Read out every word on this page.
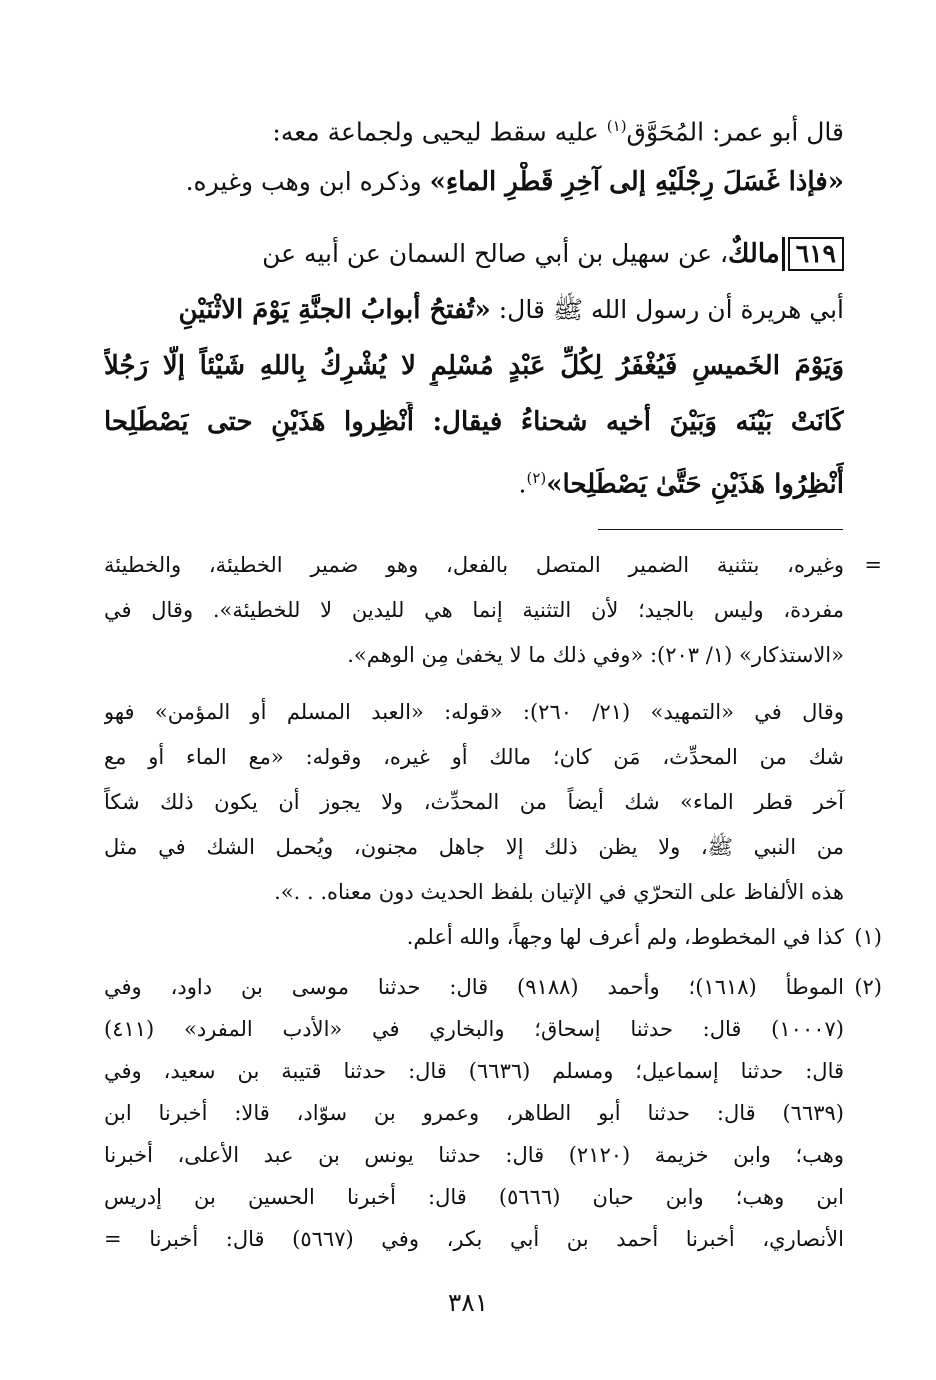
قال أبو عمر: المُحَوَّق$^{(١)}$ عليه سقط ليحيى ولجماعة معه:
«فإذا غَسَلَ رِجْلَيْهِ إلى آخِرِ قَطْرِ الماءِ» وذكره ابن وهب وغيره.
٦١٩مالكٌ، عن سهيل بن أبي صالح السمان عن أبيه عن
أبي هريرة أن رسول الله ﷺ قال: «تُفتحُ أبوابُ الجنَّةِ يَوْمَ الاثْنَيْنِ
وَيَوْمَ الخَميسِ فَيُغْفَرُ لِكُلِّ عَبْدٍ مُسْلِمٍ لا يُشْرِكُ بِاللهِ شَيْئاً إلَّا رَجُلاً
كَانَتْ بَيْنَه وَبَيْنَ أخيه شحناءُ فيقال: أَنْظِروا هَذَيْنِ حتى يَصْطَلِحا
أَنْظِرُوا هَذَيْنِ حَتَّىٰ يَصْطَلِحا»$^{(٢)}$.
=
وغيره، بتثنية الضمير المتصل بالفعل، وهو ضمير الخطيئة، والخطيئة
مفردة، وليس بالجيد؛ لأن التثنية إنما هي لليدين لا للخطيئة». وقال في
«الاستذكار» (١/ ٢٠٣): «وفي ذلك ما لا يخفىٰ مِن الوهم».
وقال في «التمهيد» (٢١/ ٢٦٠): «قوله: «العبد المسلم أو المؤمن» فهو
شك من المحدِّث، مَن كان؛ مالك أو غيره، وقوله: «مع الماء أو مع
آخر قطر الماء» شك أيضاً من المحدِّث، ولا يجوز أن يكون ذلك شكاً
من النبي ﷺ، ولا يظن ذلك إلا جاهل مجنون، ويُحمل الشك في مثل
هذه الألفاظ على التحرّي في الإتيان بلفظ الحديث دون معناه. . .».
(١)
كذا في المخطوط، ولم أعرف لها وجهاً، والله أعلم.
(٢)
الموطأ (١٦١٨)؛ وأحمد (٩١٨٨) قال: حدثنا موسى بن داود، وفي
(١٠٠٠٧) قال: حدثنا إسحاق؛ والبخاري في «الأدب المفرد» (٤١١)
قال: حدثنا إسماعيل؛ ومسلم (٦٦٣٦) قال: حدثنا قتيبة بن سعيد، وفي
(٦٦٣٩) قال: حدثنا أبو الطاهر، وعمرو بن سوّاد، قالا: أخبرنا ابن
وهب؛ وابن خزيمة (٢١٢٠) قال: حدثنا يونس بن عبد الأعلى، أخبرنا
ابن وهب؛ وابن حبان (٥٦٦٦) قال: أخبرنا الحسين بن إدريس
الأنصاري، أخبرنا أحمد بن أبي بكر، وفي (٥٦٦٧) قال: أخبرنا =
٣٨١
